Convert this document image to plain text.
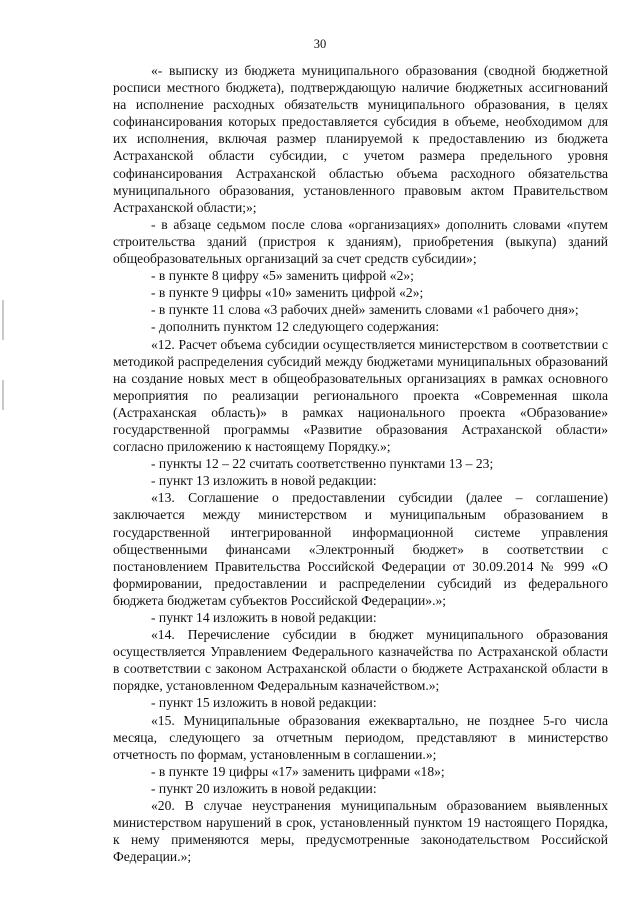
30

«- выписку из бюджета муниципального образования (сводной бюджетной росписи местного бюджета), подтверждающую наличие бюджетных ассигнований на исполнение расходных обязательств муниципального образования, в целях софинансирования которых предоставляется субсидия в объеме, необходимом для их исполнения, включая размер планируемой к предоставлению из бюджета Астраханской области субсидии, с учетом размера предельного уровня софинансирования Астраханской областью объема расходного обязательства муниципального образования, установленного правовым актом Правительством Астраханской области;»;

- в абзаце седьмом после слова «организациях» дополнить словами «путем строительства зданий (пристроя к зданиям), приобретения (выкупа) зданий общеобразовательных организаций за счет средств субсидии»;

- в пункте 8 цифру «5» заменить цифрой «2»;

- в пункте 9 цифры «10» заменить цифрой «2»;

- в пункте 11 слова «3 рабочих дней» заменить словами «1 рабочего дня»;

- дополнить пунктом 12 следующего содержания:

«12. Расчет объема субсидии осуществляется министерством в соответствии с методикой распределения субсидий между бюджетами муниципальных образований на создание новых мест в общеобразовательных организациях в рамках основного мероприятия по реализации регионального проекта «Современная школа (Астраханская область)» в рамках национального проекта «Образование» государственной программы «Развитие образования Астраханской области» согласно приложению к настоящему Порядку.»;

- пункты 12 – 22 считать соответственно пунктами 13 – 23;

- пункт 13 изложить в новой редакции:

«13. Соглашение о предоставлении субсидии (далее – соглашение) заключается между министерством и муниципальным образованием в государственной интегрированной информационной системе управления общественными финансами «Электронный бюджет» в соответствии с постановлением Правительства Российской Федерации от 30.09.2014 № 999 «О формировании, предоставлении и распределении субсидий из федерального бюджета бюджетам субъектов Российской Федерации».»;

- пункт 14 изложить в новой редакции:

«14. Перечисление субсидии в бюджет муниципального образования осуществляется Управлением Федерального казначейства по Астраханской области в соответствии с законом Астраханской области о бюджете Астраханской области в порядке, установленном Федеральным казначейством.»;

- пункт 15 изложить в новой редакции:

«15. Муниципальные образования ежеквартально, не позднее 5-го числа месяца, следующего за отчетным периодом, представляют в министерство отчетность по формам, установленным в соглашении.»;

- в пункте 19 цифры «17» заменить цифрами «18»;

- пункт 20 изложить в новой редакции:

«20. В случае неустранения муниципальным образованием выявленных министерством нарушений в срок, установленный пунктом 19 настоящего Порядка, к нему применяются меры, предусмотренные законодательством Российской Федерации.»;
